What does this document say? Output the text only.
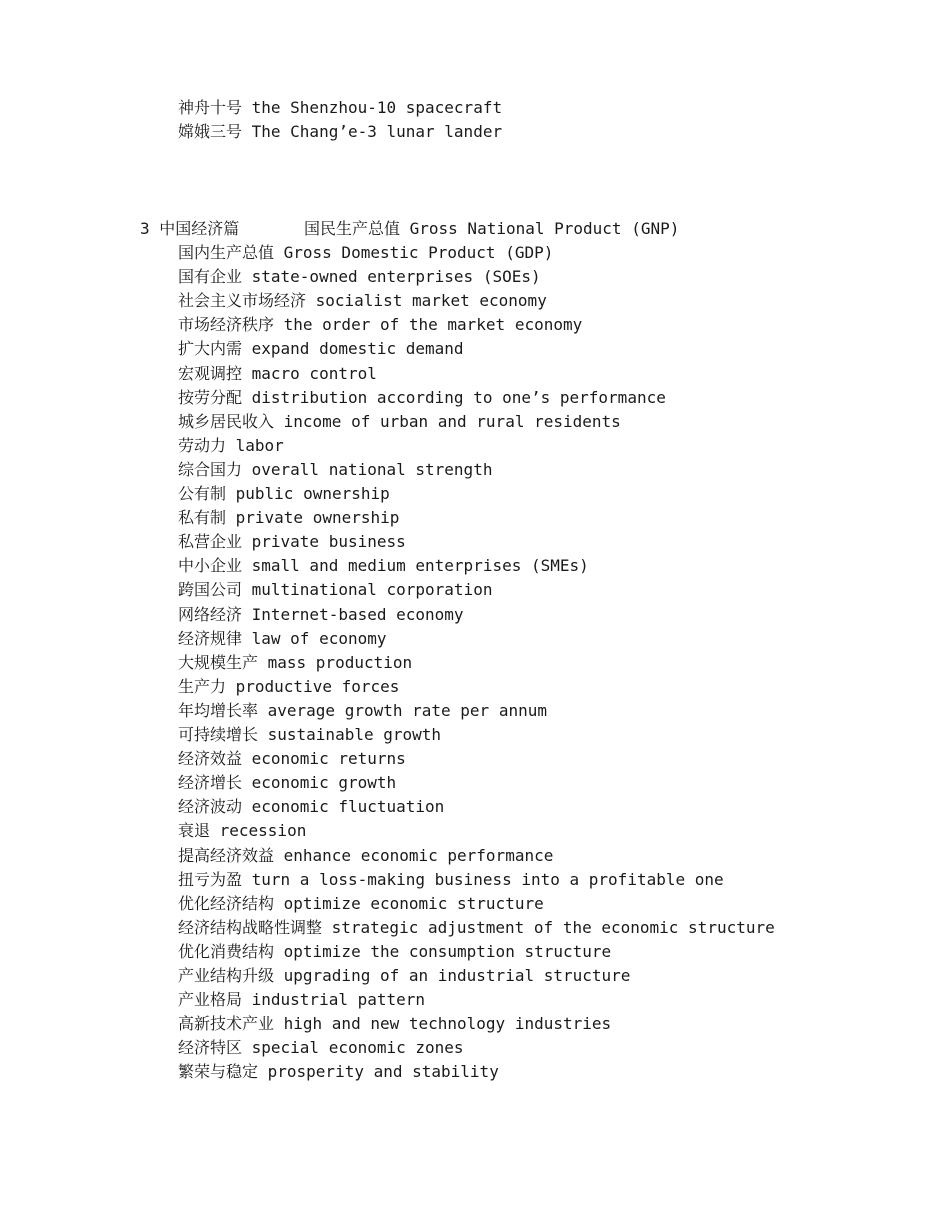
神舟十号 the Shenzhou-10 spacecraft
嫦娥三号 The Chang’e-3 lunar lander
3 中国经济篇	国民生产总值 Gross National Product (GNP)
国内生产总值 Gross Domestic Product (GDP)
国有企业 state-owned enterprises (SOEs)
社会主义市场经济 socialist market economy
市场经济秩序 the order of the market economy
扩大内需 expand domestic demand
宏观调控 macro control
按劳分配 distribution according to one’s performance
城乡居民收入 income of urban and rural residents
劳动力 labor
综合国力 overall national strength
公有制 public ownership
私有制 private ownership
私营企业 private business
中小企业 small and medium enterprises (SMEs)
跨国公司 multinational corporation
网络经济 Internet-based economy
经济规律 law of economy
大规模生产 mass production
生产力 productive forces
年均增长率 average growth rate per annum
可持续增长 sustainable growth
经济效益 economic returns
经济增长 economic growth
经济波动 economic fluctuation
衰退 recession
提高经济效益 enhance economic performance
扭亏为盈 turn a loss-making business into a profitable one
优化经济结构 optimize economic structure
经济结构战略性调整 strategic adjustment of the economic structure
优化消费结构 optimize the consumption structure
产业结构升级 upgrading of an industrial structure
产业格局 industrial pattern
高新技术产业 high and new technology industries
经济特区 special economic zones
繁荣与稳定 prosperity and stability
